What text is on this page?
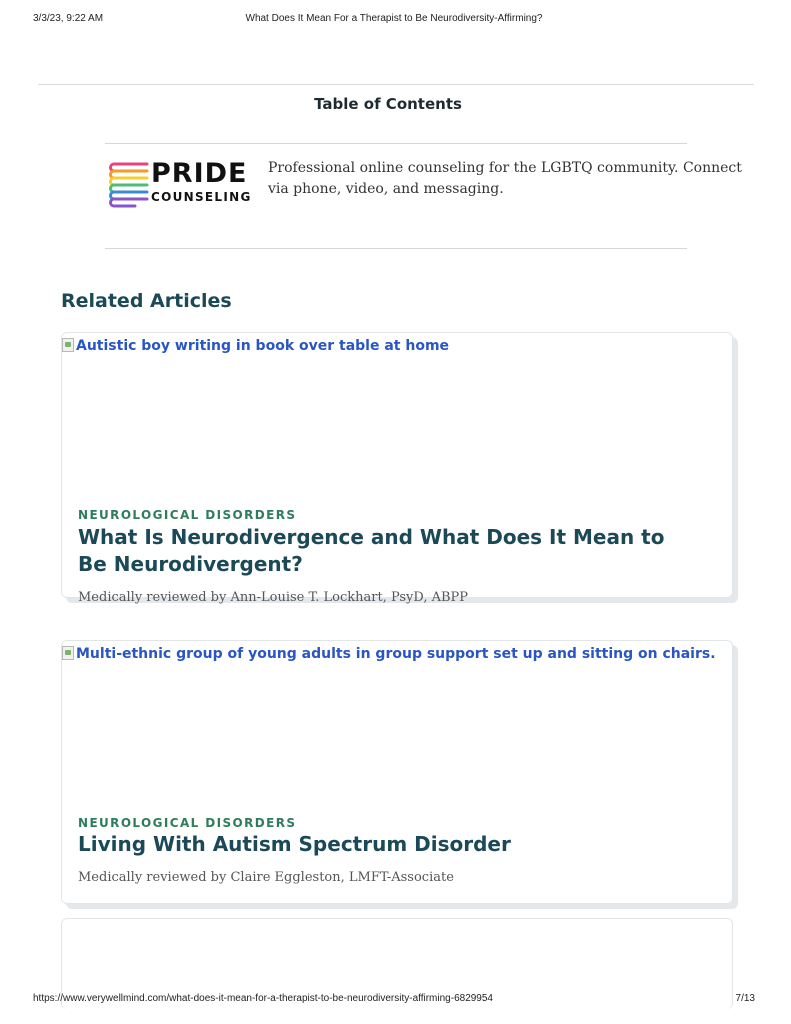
3/3/23, 9:22 AM	What Does It Mean For a Therapist to Be Neurodiversity-Affirming?
Table of Contents
PRIDE
COUNSELING
Professional online counseling for the LGBTQ community. Connect via phone, video, and messaging.
Related Articles
Autistic boy writing in book over table at home
NEUROLOGICAL DISORDERS
What Is Neurodivergence and What Does It Mean to Be Neurodivergent?
Medically reviewed by Ann-Louise T. Lockhart, PsyD, ABPP
Multi-ethnic group of young adults in group support set up and sitting on chairs.
NEUROLOGICAL DISORDERS
Living With Autism Spectrum Disorder
Medically reviewed by Claire Eggleston, LMFT-Associate
https://www.verywellmind.com/what-does-it-mean-for-a-therapist-to-be-neurodiversity-affirming-6829954	7/13
